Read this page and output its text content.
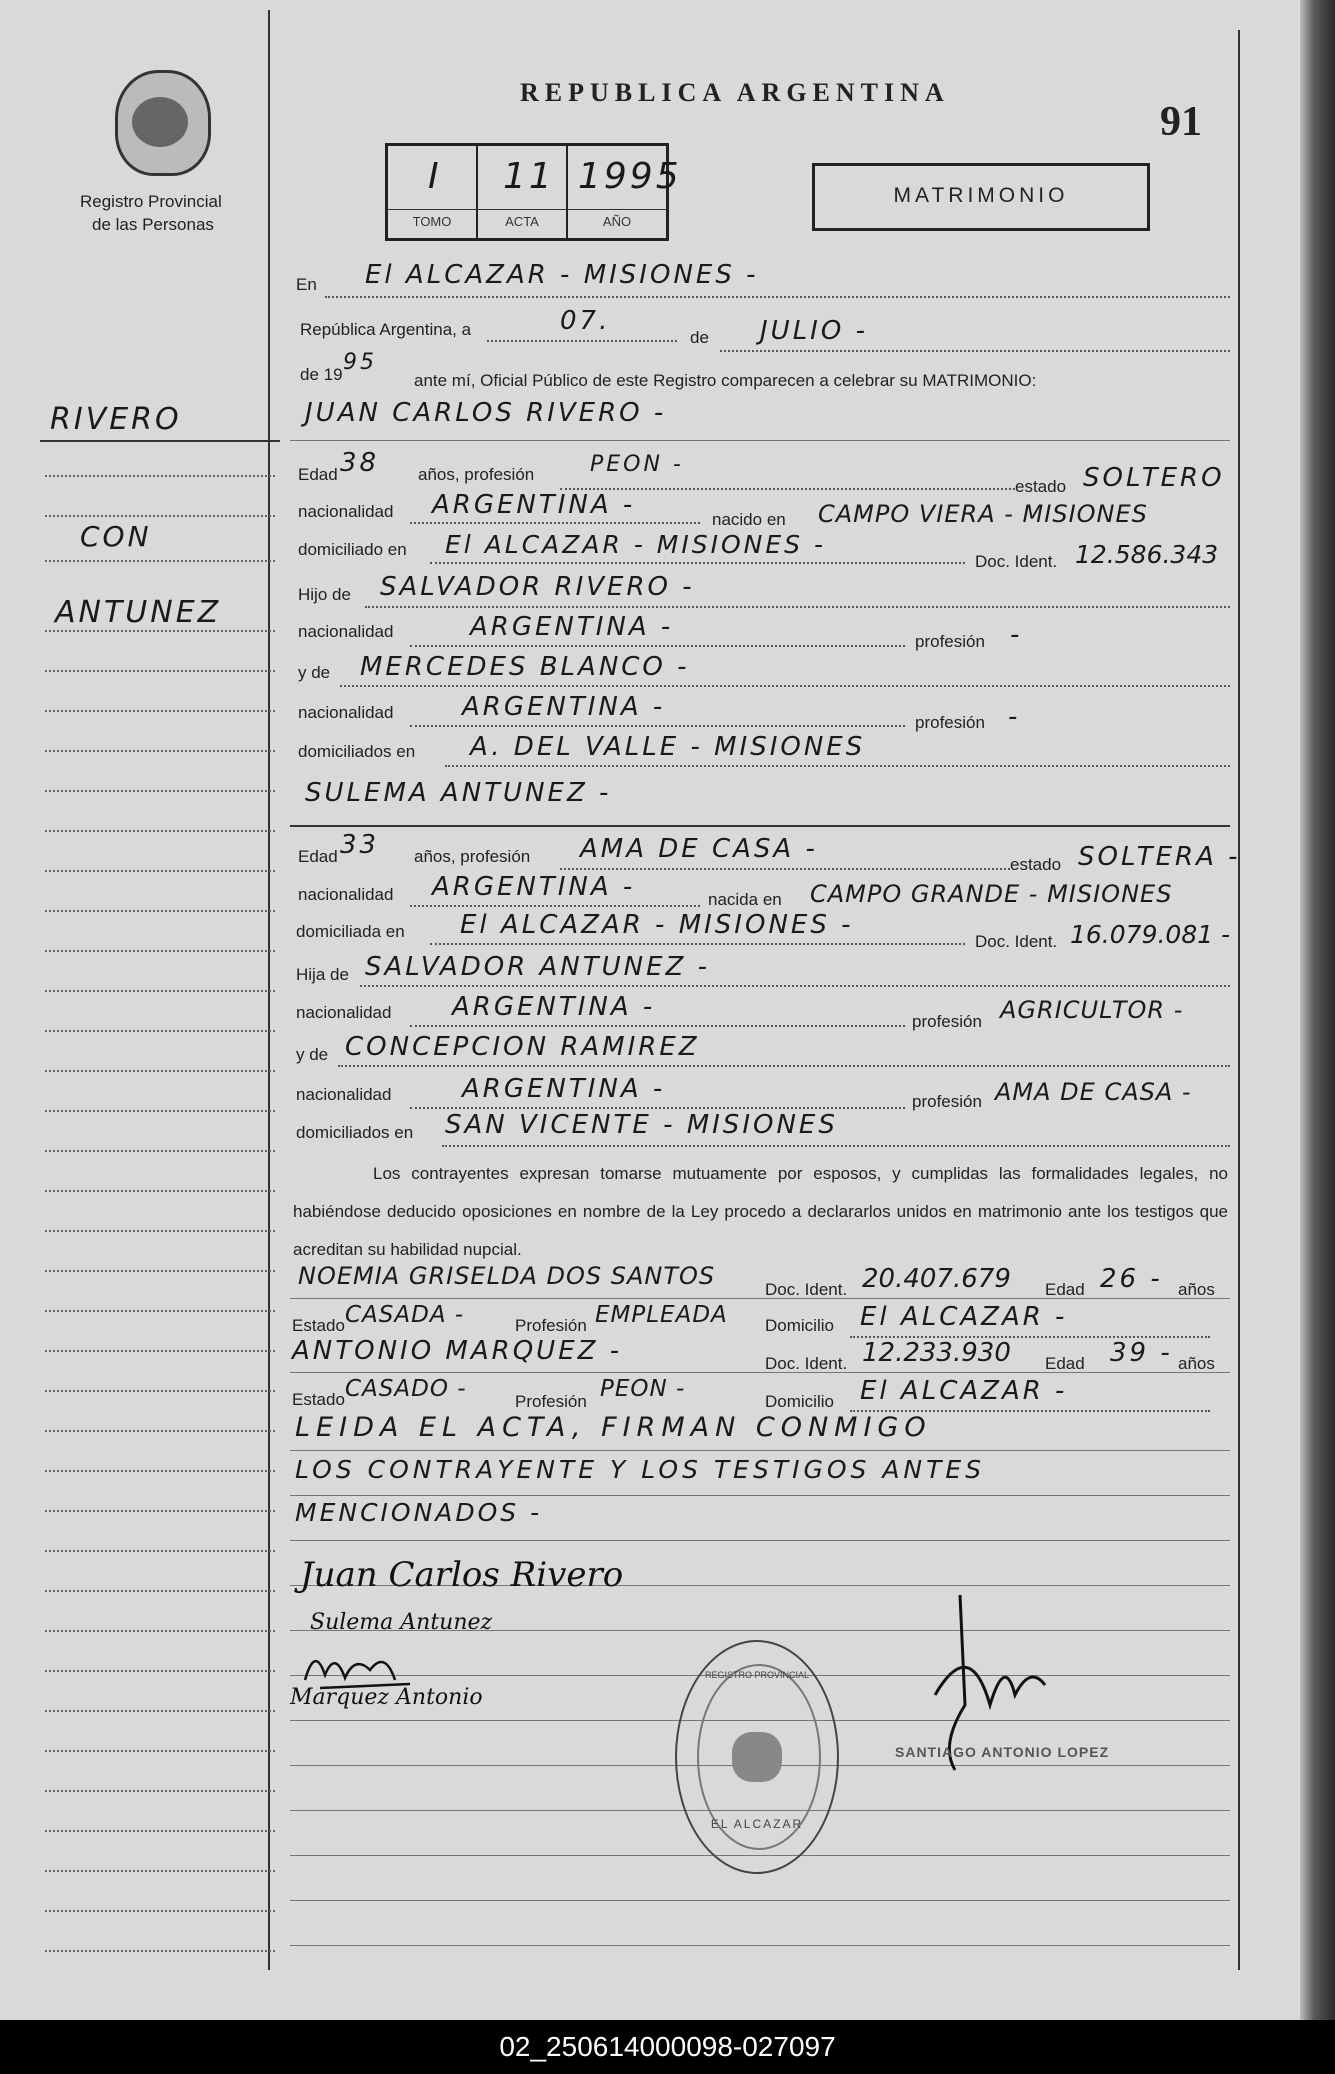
Registro Provincial
de las Personas
REPUBLICA ARGENTINA
91
I 11 1995
TOMO	ACTA	AÑO
MATRIMONIO
RIVERO
CON
ANTUNEZ
En El ALCAZAR - MISIONES -
República Argentina, a	07.
de JULIO -
de 19 95
ante mí, Oficial Público de este Registro comparecen a celebrar su MATRIMONIO:
JUAN CARLOS RIVERO -
Edad 38 años, profesión	PEON -
estado SOLTERO
nacionalidad ARGENTINA -	nacido en CAMPO VIERA - MISIONES
domiciliado en El ALCAZAR - MISIONES -
Doc. Ident. 12.586.343
Hijo de SALVADOR RIVERO -
nacionalidad	ARGENTINA -	profesión -
y de MERCEDES BLANCO -
nacionalidad	ARGENTINA -
profesión -
domiciliados en A. DEL VALLE - MISIONES
SULEMA ANTUNEZ -
Edad 33 años, profesión AMA DE CASA -
estado SOLTERA -
nacionalidad ARGENTINA -	nacida en CAMPO GRANDE - MISIONES
domiciliada en El ALCAZAR - MISIONES -
Doc. Ident. 16.079.081 -
Hija de SALVADOR ANTUNEZ -
nacionalidad ARGENTINA -	profesión AGRICULTOR -
y de CONCEPCION RAMIREZ
nacionalidad	ARGENTINA -	profesión AMA DE CASA -
domiciliados en SAN VICENTE - MISIONES
Los contrayentes expresan tomarse mutuamente por esposos, y cumplidas las formalidades legales, no habiéndose deducido oposiciones en nombre de la Ley procedo a declararlos unidos en matrimonio ante los testigos que acreditan su habilidad nupcial.
NOEMIA GRISELDA DOS SANTOS	Doc. Ident. 20.407.679 Edad 26 - años
Estado CASADA -	Profesión EMPLEADA Domicilio El ALCAZAR -
ANTONIO MARQUEZ -	Doc. Ident. 12.233.930 Edad 39 - años
Estado CASADO -	Profesión PEON -	Domicilio El ALCAZAR -
LEIDA EL ACTA, FIRMAN CONMIGO
LOS CONTRAYENTE Y LOS TESTIGOS ANTES
MENCIONADOS -
Juan Carlos Rivero
Sulema Antunez
Marquez Antonio
REGISTRO PROVINCIAL
EL ALCAZAR
SANTIAGO ANTONIO LOPEZ
02_250614000098-027097
